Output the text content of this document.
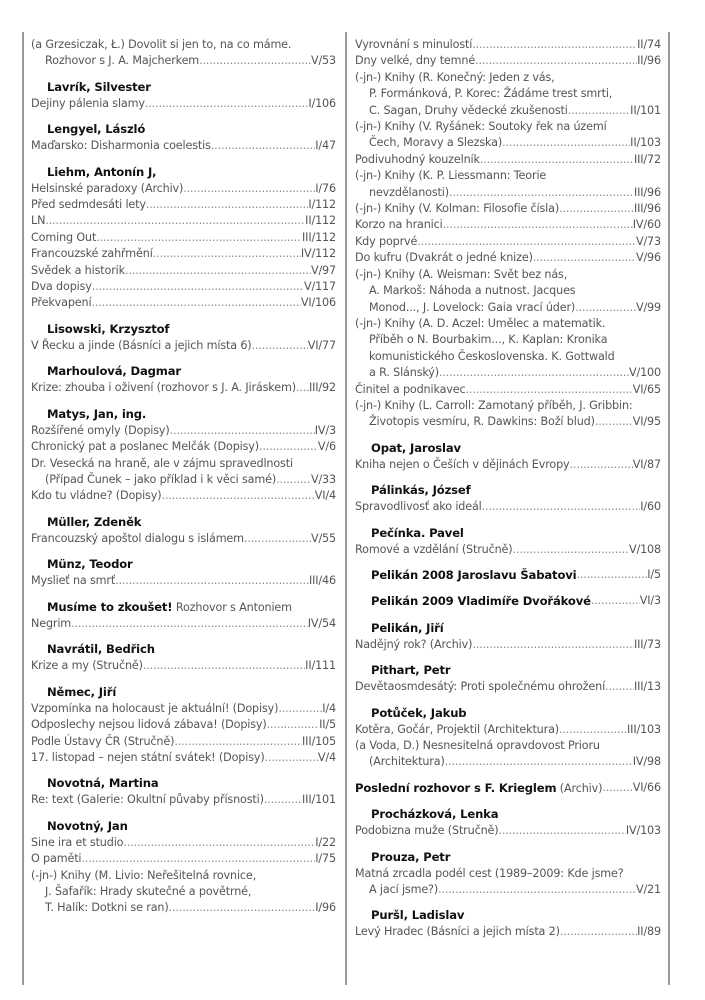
(a Grzesiczak, Ł.) Dovolit si jen to, na co máme.
Rozhovor s J. A. Majcherkem .....	V/53
Lavrík, Silvester
Dejiny pálenia slamy .....	I/106
Lengyel, László
Maďarsko: Disharmonia coelestis .....	I/47
Liehm, Antonín J,
Helsinské paradoxy (Archiv) .....	I/76
Před sedmdesáti lety .....	I/112
LN .....	II/112
Coming Out .....	III/112
Francouzské zahřmění .....	IV/112
Svědek a historik .....	V/97
Dva dopisy .....	V/117
Překvapení .....	VI/106
Lisowski, Krzysztof
V Řecku a jinde (Básníci a jejich místa 6) .....	VI/77
Marhoulová, Dagmar
Krize: zhouba i oživení (rozhovor s J. A. Jiráskem) ..... III/92
Matys, Jan, ing.
Rozšířené omyly (Dopisy) .....	IV/3
Chronický pat a poslanec Melčák (Dopisy) .....	V/6
Dr. Vesecká na hraně, ale v zájmu spravedlnosti
(Případ Čunek – jako příklad i k věci samé) .....	V/33
Kdo tu vládne? (Dopisy) .....	VI/4
Müller, Zdeněk
Francouzský apoštol dialogu s islámem .....	V/55
Münz, Teodor
Myslieť na smrť .....	III/46
Musíme to zkoušet! Rozhovor s Antoniem
Negrim .....	IV/54
Navrátil, Bedřich
Krize a my (Stručně) .....	II/111
Němec, Jiří
Vzpomínka na holocaust je aktuální! (Dopisy) .....	I/4
Odposlechy nejsou lidová zábava! (Dopisy) .....	II/5
Podle Ústavy ČR (Stručně) .....	III/105
17. listopad – nejen státní svátek! (Dopisy) .....	V/4
Novotná, Martina
Re: text (Galerie: Okultní půvaby přísnosti) .....	III/101
Novotný, Jan
Sine ira et studio .....	I/22
O paměti .....	I/75
(-jn-) Knihy (M. Livio: Neřešitelná rovnice,
J. Šafařík: Hrady skutečné a povětrné,
T. Halík: Dotkni se ran) .....	I/96
Vyrovnání s minulostí .....	II/74
Dny velké, dny temné .....	II/96
(-jn-) Knihy (R. Konečný: Jeden z vás,
P. Formánková, P. Korec: Žádáme trest smrti,
C. Sagan, Druhy vědecké zkušenosti .....	II/101
(-jn-) Knihy (V. Ryšánek: Soutoky řek na území
Čech, Moravy a Slezska) .....	II/103
Podivuhodný kouzelník .....	III/72
(-jn-) Knihy (K. P. Liessmann: Teorie
nevzdělanosti) .....	III/96
(-jn-) Knihy (V. Kolman: Filosofie čísla) .....	III/96
Korzo na hranici .....	IV/60
Kdy poprvé .....	V/73
Do kufru (Dvakrát o jedné knize) .....	V/96
(-jn-) Knihy (A. Weisman: Svět bez nás,
A. Markoš: Náhoda a nutnost. Jacques
Monod..., J. Lovelock: Gaia vrací úder) .....	V/99
(-jn-) Knihy (A. D. Aczel: Umělec a matematik.
Příběh o N. Bourbakim..., K. Kaplan: Kronika
komunistického Československa. K. Gottwald
a R. Slánský) .....	V/100
Činitel a podnikavec .....	VI/65
(-jn-) Knihy (L. Carroll: Zamotaný příběh, J. Gribbin:
Životopis vesmíru, R. Dawkins: Boží blud) .....	VI/95
Opat, Jaroslav
Kniha nejen o Češích v dějinách Evropy .....	VI/87
Pálinkás, József
Spravodlivosť ako ideál .....	I/60
Pečínka. Pavel
Romové a vzdělání (Stručně) .....	V/108
Pelikán 2008 Jaroslavu Šabatovi .....	I/5
Pelikán 2009 Vladimíře Dvořákové .....	VI/3
Pelikán, Jiří
Nadějný rok? (Archiv) .....	III/73
Pithart, Petr
Devětaosmdesátý: Proti společnému ohrožení .....	III/13
Potůček, Jakub
Kotěra, Gočár, Projektil (Architektura) .....	III/103
(a Voda, D.) Nesnesitelná opravdovost Prioru
(Architektura) .....	IV/98
Poslední rozhovor s F. Krieglem (Archiv) .....	VI/66
Procházková, Lenka
Podobizna muže (Stručně) .....	IV/103
Prouza, Petr
Matná zrcadla podél cest (1989–2009: Kde jsme?
A jací jsme?) .....	V/21
Puršl, Ladislav
Levý Hradec (Básníci a jejich místa 2) .....	II/89
